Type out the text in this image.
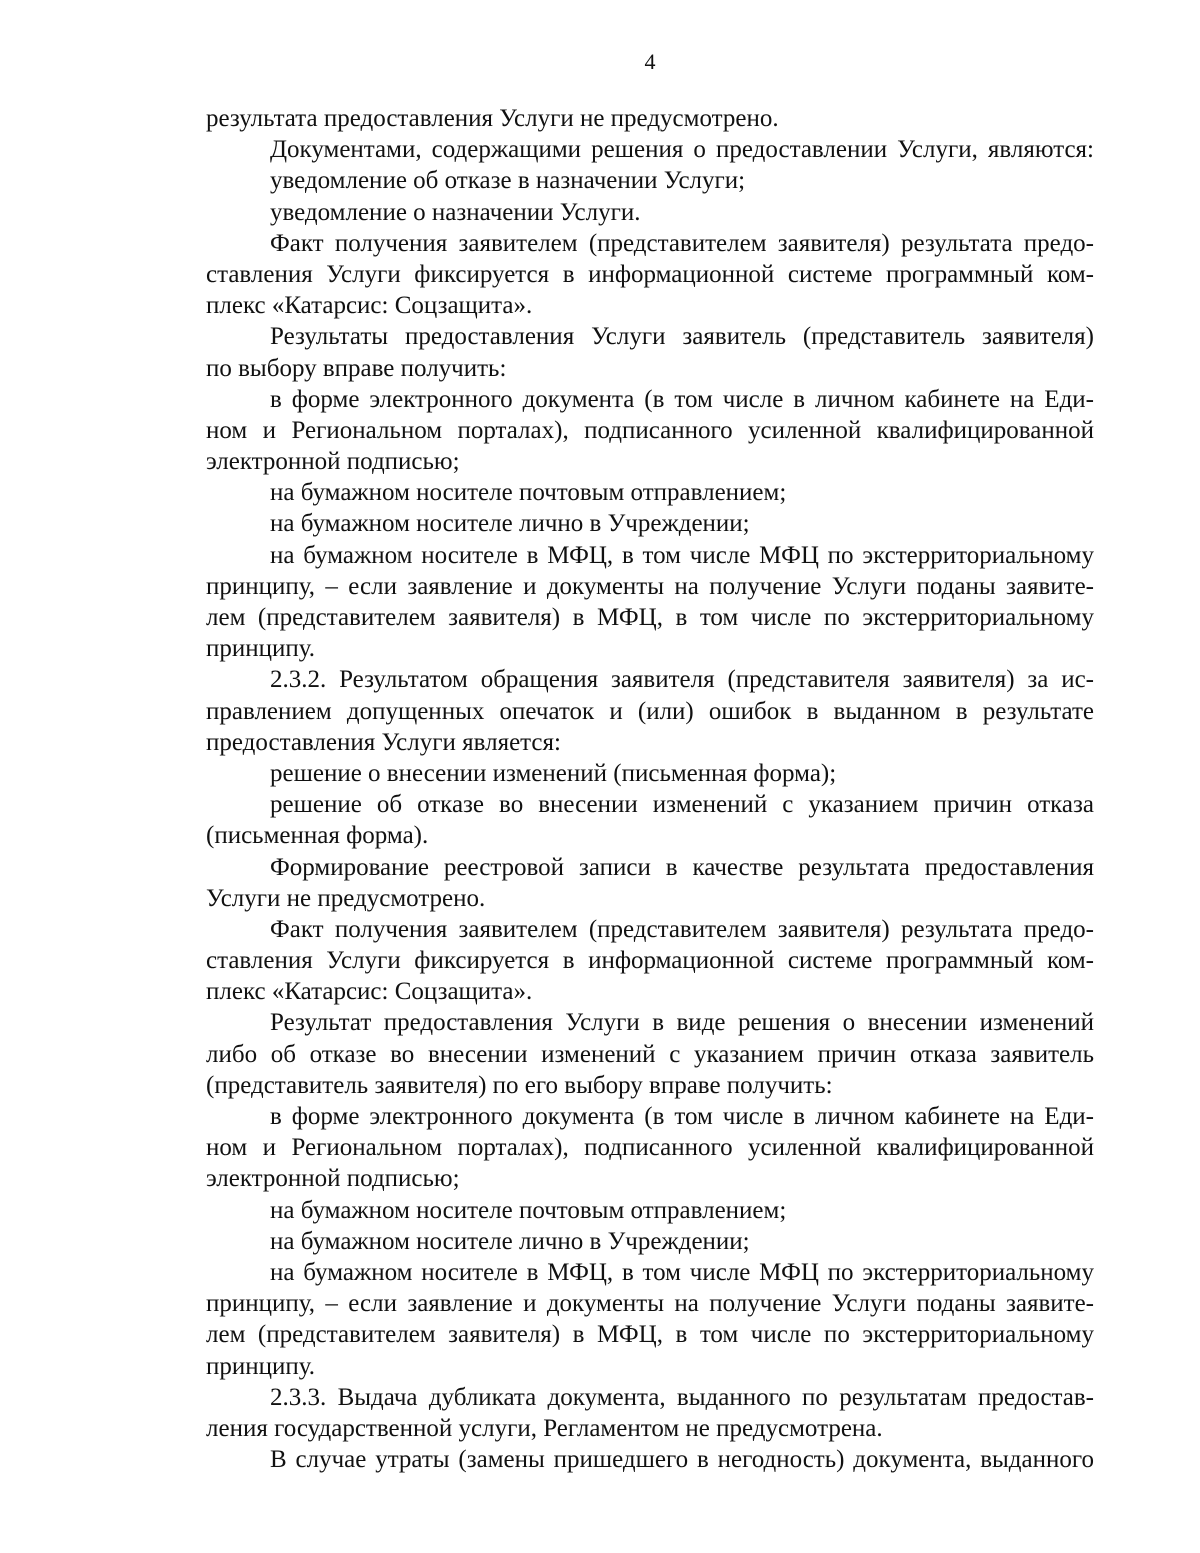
4
результата предоставления Услуги не предусмотрено.
Документами, содержащими решения о предоставлении Услуги, являются:
уведомление об отказе в назначении Услуги;
уведомление о назначении Услуги.
Факт получения заявителем (представителем заявителя) результата предо-
ставления Услуги фиксируется в информационной системе программный ком-
плекс «Катарсис: Соцзащита».
Результаты предоставления Услуги заявитель (представитель заявителя)
по выбору вправе получить:
в форме электронного документа (в том числе в личном кабинете на Еди-
ном и Региональном порталах), подписанного усиленной квалифицированной
электронной подписью;
на бумажном носителе почтовым отправлением;
на бумажном носителе лично в Учреждении;
на бумажном носителе в МФЦ, в том числе МФЦ по экстерриториальному
принципу, – если заявление и документы на получение Услуги поданы заявите-
лем (представителем заявителя) в МФЦ, в том числе по экстерриториальному
принципу.
2.3.2. Результатом обращения заявителя (представителя заявителя) за ис-
правлением допущенных опечаток и (или) ошибок в выданном в результате
предоставления Услуги является:
решение о внесении изменений (письменная форма);
решение об отказе во внесении изменений с указанием причин отказа
(письменная форма).
Формирование реестровой записи в качестве результата предоставления
Услуги не предусмотрено.
Факт получения заявителем (представителем заявителя) результата предо-
ставления Услуги фиксируется в информационной системе программный ком-
плекс «Катарсис: Соцзащита».
Результат предоставления Услуги в виде решения о внесении изменений
либо об отказе во внесении изменений с указанием причин отказа заявитель
(представитель заявителя) по его выбору вправе получить:
в форме электронного документа (в том числе в личном кабинете на Еди-
ном и Региональном порталах), подписанного усиленной квалифицированной
электронной подписью;
на бумажном носителе почтовым отправлением;
на бумажном носителе лично в Учреждении;
на бумажном носителе в МФЦ, в том числе МФЦ по экстерриториальному
принципу, – если заявление и документы на получение Услуги поданы заявите-
лем (представителем заявителя) в МФЦ, в том числе по экстерриториальному
принципу.
2.3.3. Выдача дубликата документа, выданного по результатам предостав-
ления государственной услуги, Регламентом не предусмотрена.
В случае утраты (замены пришедшего в негодность) документа, выданного
